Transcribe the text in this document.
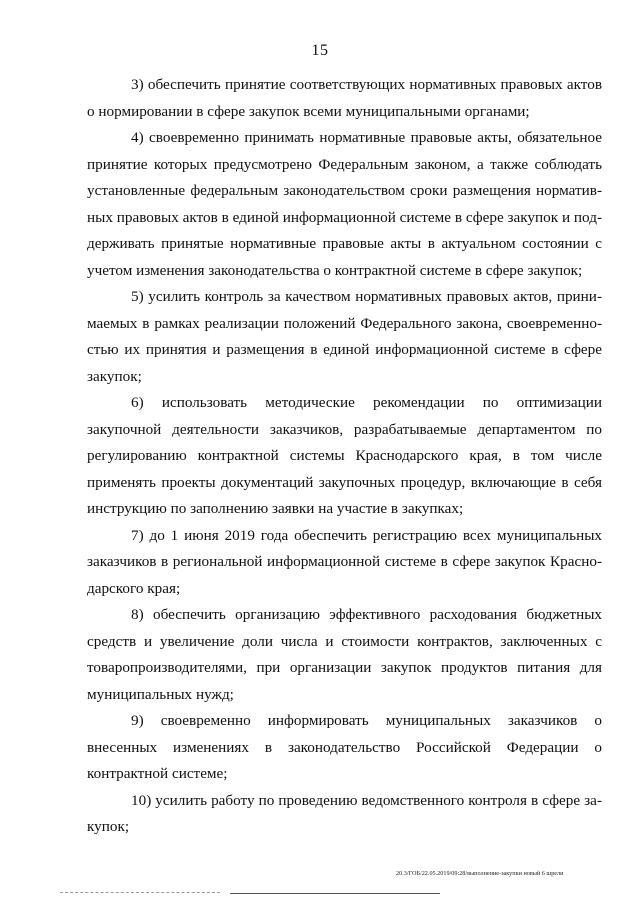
15

3) обеспечить принятие соответствующих нормативных правовых актов о нормировании в сфере закупок всеми муниципальными органами;

4) своевременно принимать нормативные правовые акты, обязательное принятие которых предусмотрено Федеральным законом, а также соблюдать установленные федеральным законодательством сроки размещения нормативных правовых актов в единой информационной системе в сфере закупок и поддерживать принятые нормативные правовые акты в актуальном состоянии с учетом изменения законодательства о контрактной системе в сфере закупок;

5) усилить контроль за качеством нормативных правовых актов, принимаемых в рамках реализации положений Федерального закона, своевременностью их принятия и размещения в единой информационной системе в сфере закупок;

6) использовать методические рекомендации по оптимизации закупочной деятельности заказчиков, разрабатываемые департаментом по регулированию контрактной системы Краснодарского края, в том числе применять проекты документаций закупочных процедур, включающие в себя инструкцию по заполнению заявки на участие в закупках;

7) до 1 июня 2019 года обеспечить регистрацию всех муниципальных заказчиков в региональной информационной системе в сфере закупок Краснодарского края;

8) обеспечить организацию эффективного расходования бюджетных средств и увеличение доли числа и стоимости контрактов, заключенных с товаропроизводителями, при организации закупок продуктов питания для муниципальных нужд;

9) своевременно информировать муниципальных заказчиков о внесенных изменениях в законодательство Российской Федерации о контрактной системе;

10) усилить работу по проведению ведомственного контроля в сфере закупок;

20.3/ГОБ/22.05.2019/09:28/выполнение-закупки новый 6 шрели
